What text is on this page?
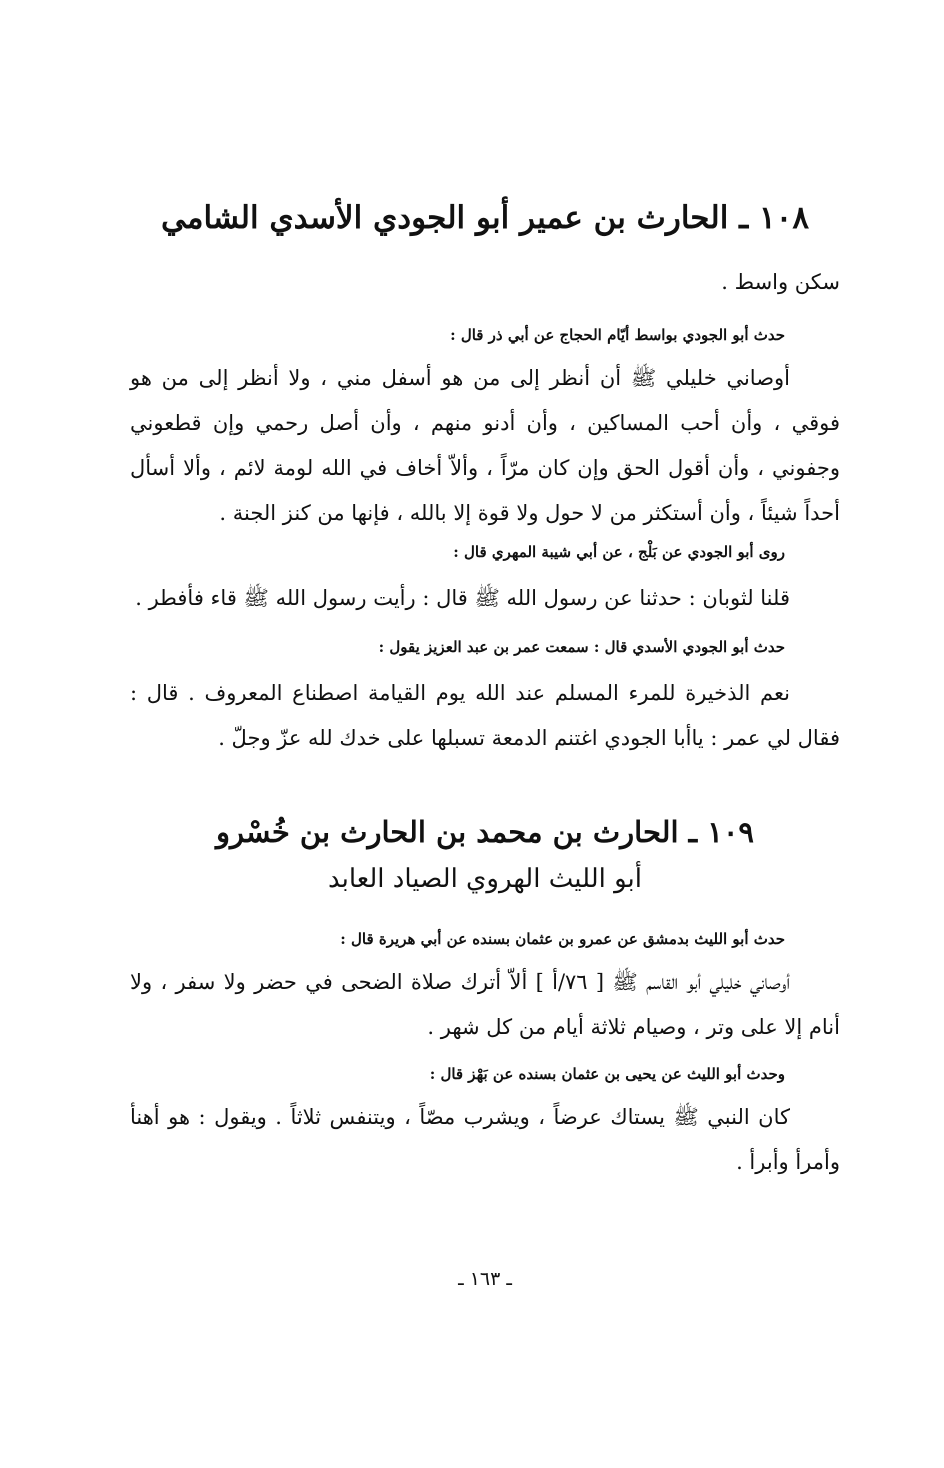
١٠٨ ـ الحارث بن عمير أبو الجودي الأسدي الشامي
سكن واسط .
حدث أبو الجودي بواسط أيّام الحجاج عن أبي ذر قال :

أوصاني خليلي ﷺ أن أنظر إلى من هو أسفل مني ، ولا أنظر إلى من هو فوقي ، وأن أحب المساكين ، وأن أدنو منهم ، وأن أصل رحمي وإن قطعوني وجفوني ، وأن أقول الحق وإن كان مرّاً ، وألاّ أخاف في الله لومة لائم ، وألا أسأل أحداً شيئاً ، وأن أستكثر من لا حول ولا قوة إلا بالله ، فإنها من كنز الجنة .

روى أبو الجودي عن بَلْج ، عن أبي شيبة المهري قال :

قلنا لثوبان : حدثنا عن رسول الله ﷺ قال : رأيت رسول الله ﷺ قاء فأفطر .

حدث أبو الجودي الأسدي قال : سمعت عمر بن عبد العزيز يقول :

نعم الذخيرة للمرء المسلم عند الله يوم القيامة اصطناع المعروف . قال : فقال لي عمر : ياأبا الجودي اغتنم الدمعة تسبلها على خدك لله عزّ وجلّ .

١٠٩ ـ الحارث بن محمد بن الحارث بن خُسْرو
أبو الليث الهروي الصياد العابد
حدث أبو الليث بدمشق عن عمرو بن عثمان بسنده عن أبي هريرة قال :

أوصاني خليلي أبو القاسم ﷺ [ ٧٦/أ ] ألاّ أترك صلاة الضحى في حضر ولا سفر ، ولا أنام إلا على وتر ، وصيام ثلاثة أيام من كل شهر .

وحدث أبو الليث عن يحيى بن عثمان بسنده عن بَهْز قال :

كان النبي ﷺ يستاك عرضاً ، ويشرب مصّاً ، ويتنفس ثلاثاً . ويقول : هو أهنأ وأمرأ وأبرأ .

ـ ١٦٣ ـ
